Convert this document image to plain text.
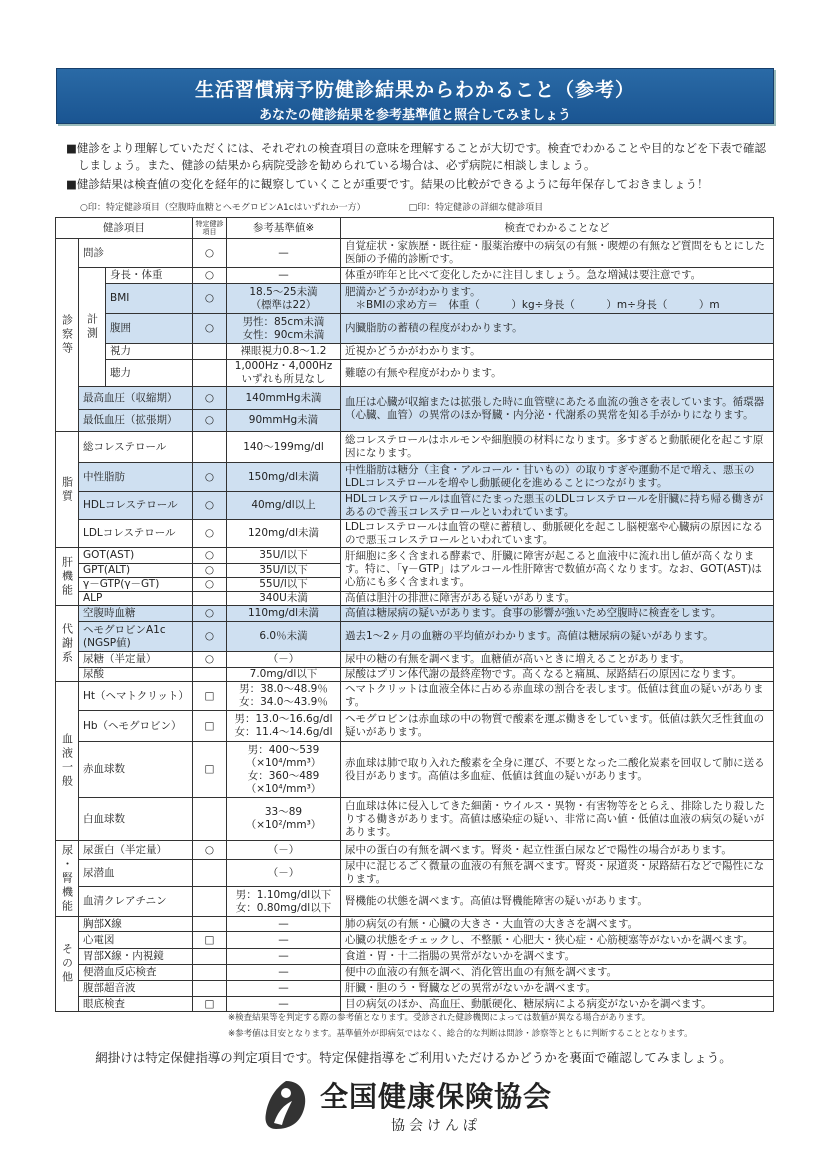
生活習慣病予防健診結果からわかること（参考）
あなたの健診結果を参考基準値と照合してみましょう

■健診をより理解していただくには、それぞれの検査項目の意味を理解することが大切です。検査でわかることや目的などを下表で確認しましょう。また、健診の結果から病院受診を勧められている場合は、必ず病院に相談しましょう。

■健診結果は検査値の変化を経年的に観察していくことが重要です。結果の比較ができるように毎年保存しておきましょう！

○印：特定健診項目（空腹時血糖とヘモグロビンA1cはいずれか一方）	□印：特定健診の詳細な健診項目
健診項目			特定健診項目	参考基準値※	検査でわかることなど
診察等	問診		○	—	自覚症状・家族歴・既往症・服薬治療中の病気の有無・喫煙の有無など質問をもとにした医師の予備的診断です。
	計測	身長・体重	○	—	体重が昨年と比べて変化したかに注目しましょう。急な増減は要注意です。
		BMI	○	18.5～25未満
（標準は22）	肥満かどうかがわかります。
　＊BMIの求め方＝　体重（　　　）kg÷身長（　　　）m÷身長（　　　）m
		腹囲	○	男性：85cm未満
女性：90cm未満	内臓脂肪の蓄積の程度がわかります。
		視力		裸眼視力0.8～1.2	近視かどうかがわかります。
		聴力		1,000Hz・4,000Hz
いずれも所見なし	難聴の有無や程度がわかります。
	最高血圧（収縮期）		○	140mmHg未満	血圧は心臓が収縮または拡張した時に血管壁にあたる血流の強さを表しています。循環器（心臓、血管）の異常のほか腎臓・内分泌・代謝系の異常を知る手がかりになります。
	最低血圧（拡張期）		○	90mmHg未満	
脂質	総コレステロール			140～199mg/dl	総コレステロールはホルモンや細胞膜の材料になります。多すぎると動脈硬化を起こす原因になります。
	中性脂肪		○	150mg/dl未満	中性脂肪は糖分（主食・アルコール・甘いもの）の取りすぎや運動不足で増え、悪玉のLDLコレステロールを増やし動脈硬化を進めることにつながります。
	HDLコレステロール		○	40mg/dl以上	HDLコレステロールは血管にたまった悪玉のLDLコレステロールを肝臓に持ち帰る働きがあるので善玉コレステロールといわれています。
	LDLコレステロール		○	120mg/dl未満	LDLコレステロールは血管の壁に蓄積し、動脈硬化を起こし脳梗塞や心臓病の原因になるので悪玉コレステロールといわれています。
肝機能	GOT(AST)		○	35U/l以下	肝細胞に多く含まれる酵素で、肝臓に障害が起こると血液中に流れ出し値が高くなります。特に、「γ－GTP」はアルコール性肝障害で数値が高くなります。なお、GOT(AST)は心筋にも多く含まれます。
	GPT(ALT)		○	35U/l以下	
	γ－GTP(γ－GT)		○	55U/l以下	
	ALP			340U未満	高値は胆汁の排泄に障害がある疑いがあります。
代謝系	空腹時血糖		○	110mg/dl未満	高値は糖尿病の疑いがあります。食事の影響が強いため空腹時に検査をします。
	ヘモグロビンA1c
(NGSP値)		○	6.0％未満	過去1～2ヶ月の血糖の平均値がわかります。高値は糖尿病の疑いがあります。
	尿糖（半定量）		○	（－）	尿中の糖の有無を調べます。血糖値が高いときに増えることがあります。
	尿酸			7.0mg/dl以下	尿酸はプリン体代謝の最終産物です。高くなると痛風、尿路結石の原因になります。
血液一般	Ht（ヘマトクリット）		□	男：38.0～48.9％
女：34.0～43.9％	ヘマトクリットは血液全体に占める赤血球の割合を表します。低値は貧血の疑いがあります。
	Hb（ヘモグロビン）		□	男：13.0～16.6g/dl
女：11.4～14.6g/dl	ヘモグロビンは赤血球の中の物質で酸素を運ぶ働きをしています。低値は鉄欠乏性貧血の疑いがあります。
	赤血球数		□	男：400～539
（×10⁴/mm³）
女：360～489
（×10⁴/mm³）	赤血球は肺で取り入れた酸素を全身に運び、不要となった二酸化炭素を回収して肺に送る役目があります。高値は多血症、低値は貧血の疑いがあります。
	白血球数			33～89（×10²/mm³）	白血球は体に侵入してきた細菌・ウイルス・異物・有害物等をとらえ、排除したり殺したりする働きがあります。高値は感染症の疑い、非常に高い値・低値は血液の病気の疑いがあります。
尿・腎機能	尿蛋白（半定量）		○	（－）	尿中の蛋白の有無を調べます。腎炎・起立性蛋白尿などで陽性の場合があります。
	尿潜血			（－）	尿中に混じるごく微量の血液の有無を調べます。腎炎・尿道炎・尿路結石などで陽性になります。
	血清クレアチニン			男：1.10mg/dl以下
女：0.80mg/dl以下	腎機能の状態を調べます。高値は腎機能障害の疑いがあります。
その他	胸部X線			—	肺の病気の有無・心臓の大きさ・大血管の大きさを調べます。
	心電図		□	—	心臓の状態をチェックし、不整脈・心肥大・狭心症・心筋梗塞等がないかを調べます。
	胃部X線・内視鏡			—	食道・胃・十二指腸の異常がないかを調べます。
	便潜血反応検査			—	便中の血液の有無を調べ、消化管出血の有無を調べます。
	腹部超音波			—	肝臓・胆のう・腎臓などの異常がないかを調べます。
	眼底検査		□	—	目の病気のほか、高血圧、動脈硬化、糖尿病による病変がないかを調べます。
※検査結果等を判定する際の参考値となります。受診された健診機関によっては数値が異なる場合があります。
※参考値は目安となります。基準値外が即病気ではなく、総合的な判断は問診・診察等とともに判断することとなります。
網掛けは特定保健指導の判定項目です。特定保健指導をご利用いただけるかどうかを裏面で確認してみましょう。
全国健康保険協会
協会けんぽ
